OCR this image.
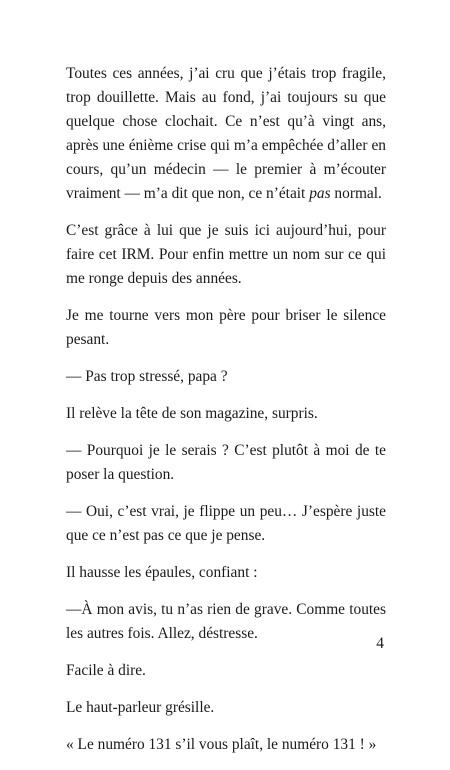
Toutes ces années, j’ai cru que j’étais trop fragile, trop douillette. Mais au fond, j’ai toujours su que quelque chose clochait. Ce n’est qu’à vingt ans, après une énième crise qui m’a empêchée d’aller en cours, qu’un médecin — le premier à m’écouter vraiment — m’a dit que non, ce n’était pas normal.

C’est grâce à lui que je suis ici aujourd’hui, pour faire cet IRM. Pour enfin mettre un nom sur ce qui me ronge depuis des années.

Je me tourne vers mon père pour briser le silence pesant.

— Pas trop stressé, papa ?

Il relève la tête de son magazine, surpris.

— Pourquoi je le serais ? C’est plutôt à moi de te poser la question.

— Oui, c’est vrai, je flippe un peu… J’espère juste que ce n’est pas ce que je pense.

Il hausse les épaules, confiant :

—À mon avis, tu n’as rien de grave. Comme toutes les autres fois. Allez, déstresse.

Facile à dire.

Le haut-parleur grésille.

« Le numéro 131 s’il vous plaît, le numéro 131 ! »

4
